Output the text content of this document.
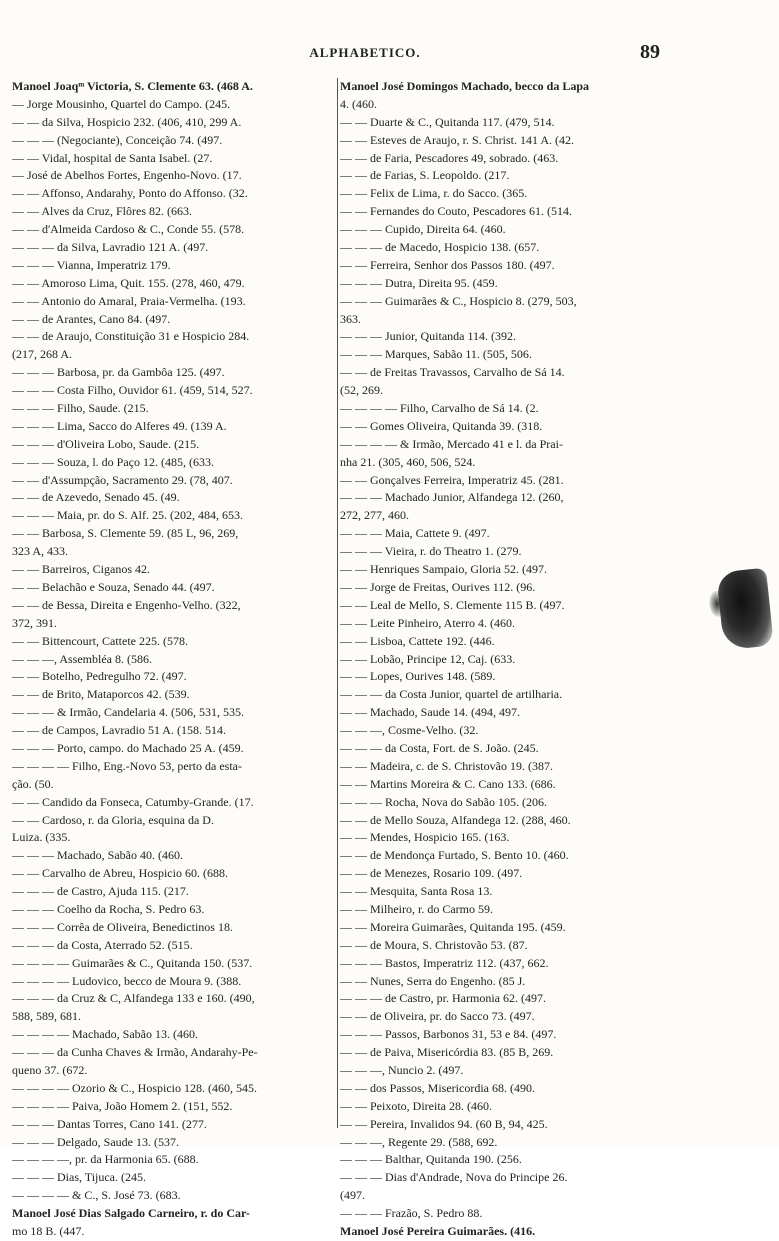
ALPHABETICO.	89
Manoel Joaqᵐ Victoria, S. Clemente 63. (468 A.
— Jorge Mousinho, Quartel do Campo. (245.
— — da Silva, Hospicio 232. (406, 410, 299 A.
— — — (Negociante), Conceição 74. (497.
— — Vidal, hospital de Santa Isabel. (27.
— José de Abelhos Fortes, Engenho-Novo. (17.
— — Affonso, Andarahy, Ponto do Affonso. (32.
— — Alves da Cruz, Flôres 82. (663.
— — d'Almeida Cardoso & C., Conde 55. (578.
— — — da Silva, Lavradio 121 A. (497.
— — — Vianna, Imperatriz 179.
— — Amoroso Lima, Quit. 155. (278, 460, 479.
— — Antonio do Amaral, Praia-Vermelha. (193.
— — de Arantes, Cano 84. (497.
— — de Araujo, Constituição 31 e Hospicio 284.
(217, 268 A.
— — — Barbosa, pr. da Gambôa 125. (497.
— — — Costa Filho, Ouvidor 61. (459, 514, 527.
— — — Filho, Saude. (215.
— — — Lima, Sacco do Alferes 49. (139 A.
— — — d'Oliveira Lobo, Saude. (215.
— — — Souza, l. do Paço 12. (485, (633.
— — d'Assumpção, Sacramento 29. (78, 407.
— — de Azevedo, Senado 45. (49.
— — — Maia, pr. do S. Alf. 25. (202, 484, 653.
— — Barbosa, S. Clemente 59. (85 L, 96, 269,
323 A, 433.
— — Barreiros, Ciganos 42.
— — Belachão e Souza, Senado 44. (497.
— — de Bessa, Direita e Engenho-Velho. (322,
372, 391.
— — Bittencourt, Cattete 225. (578.
— — —, Assembléa 8. (586.
— — Botelho, Pedregulho 72. (497.
— — de Brito, Mataporcos 42. (539.
— — — & Irmão, Candelaria 4. (506, 531, 535.
— — de Campos, Lavradio 51 A. (158. 514.
— — — Porto, campo. do Machado 25 A. (459.
— — — — Filho, Eng.-Novo 53, perto da esta-
ção. (50.
— — Candido da Fonseca, Catumby-Grande. (17.
— — Cardoso, r. da Gloria, esquina da D.
Luiza. (335.
— — — Machado, Sabão 40. (460.
— — Carvalho de Abreu, Hospicio 60. (688.
— — — de Castro, Ajuda 115. (217.
— — — Coelho da Rocha, S. Pedro 63.
— — — Corrêa de Oliveira, Benedictinos 18.
— — — da Costa, Aterrado 52. (515.
— — — — Guimarães & C., Quitanda 150. (537.
— — — — Ludovico, becco de Moura 9. (388.
— — — da Cruz & C, Alfandega 133 e 160. (490,
588, 589, 681.
— — — — Machado, Sabão 13. (460.
— — — da Cunha Chaves & Irmão, Andarahy-Pe-
queno 37. (672.
— — — — Ozorio & C., Hospicio 128. (460, 545.
— — — — Paiva, João Homem 2. (151, 552.
— — — Dantas Torres, Cano 141. (277.
— — — Delgado, Saude 13. (537.
— — — —, pr. da Harmonia 65. (688.
— — — Dias, Tijuca. (245.
— — — — & C., S. José 73. (683.
Manoel José Dias Salgado Carneiro, r. do Car-
mo 18 B. (447.
Manoel José Domingos Machado, becco da Lapa
4. (460.
— — Duarte & C., Quitanda 117. (479, 514.
— — Esteves de Araujo, r. S. Christ. 141 A. (42.
— — de Faria, Pescadores 49, sobrado. (463.
— — de Farias, S. Leopoldo. (217.
— — Felix de Lima, r. do Sacco. (365.
— — Fernandes do Couto, Pescadores 61. (514.
— — — Cupido, Direita 64. (460.
— — — de Macedo, Hospicio 138. (657.
— — Ferreira, Senhor dos Passos 180. (497.
— — — Dutra, Direita 95. (459.
— — — Guimarães & C., Hospicio 8. (279, 503,
363.
— — — Junior, Quitanda 114. (392.
— — — Marques, Sabão 11. (505, 506.
— — de Freitas Travassos, Carvalho de Sá 14.
(52, 269.
— — — — Filho, Carvalho de Sá 14. (2.
— — Gomes Oliveira, Quitanda 39. (318.
— — — — & Irmão, Mercado 41 e l. da Prai-
nha 21. (305, 460, 506, 524.
— — Gonçalves Ferreira, Imperatriz 45. (281.
— — — Machado Junior, Alfandega 12. (260,
272, 277, 460.
— — — Maia, Cattete 9. (497.
— — — Vieira, r. do Theatro 1. (279.
— — Henriques Sampaio, Gloria 52. (497.
— — Jorge de Freitas, Ourives 112. (96.
— — Leal de Mello, S. Clemente 115 B. (497.
— — Leite Pinheiro, Aterro 4. (460.
— — Lisboa, Cattete 192. (446.
— — Lobão, Principe 12, Caj. (633.
— — Lopes, Ourives 148. (589.
— — — da Costa Junior, quartel de artilharia.
— — Machado, Saude 14. (494, 497.
— — —, Cosme-Velho. (32.
— — — da Costa, Fort. de S. João. (245.
— — Madeira, c. de S. Christovão 19. (387.
— — Martins Moreira & C. Cano 133. (686.
— — — Rocha, Nova do Sabão 105. (206.
— — de Mello Souza, Alfandega 12. (288, 460.
— — Mendes, Hospicio 165. (163.
— — de Mendonça Furtado, S. Bento 10. (460.
— — de Menezes, Rosario 109. (497.
— — Mesquita, Santa Rosa 13.
— — Milheiro, r. do Carmo 59.
— — Moreira Guimarães, Quitanda 195. (459.
— — de Moura, S. Christovão 53. (87.
— — — Bastos, Imperatriz 112. (437, 662.
— — Nunes, Serra do Engenho. (85 J.
— — — de Castro, pr. Harmonia 62. (497.
— — de Oliveira, pr. do Sacco 73. (497.
— — — Passos, Barbonos 31, 53 e 84. (497.
— — de Paiva, Misericórdia 83. (85 B, 269.
— — —, Nuncio 2. (497.
— — dos Passos, Misericordia 68. (490.
— — Peixoto, Direita 28. (460.
— — Pereira, Invalidos 94. (60 B, 94, 425.
— — —, Regente 29. (588, 692.
— — — Balthar, Quitanda 190. (256.
— — — Dias d'Andrade, Nova do Principe 26.
(497.
— — — Frazão, S. Pedro 88.
Manoel José Pereira Guimarães. (416.
